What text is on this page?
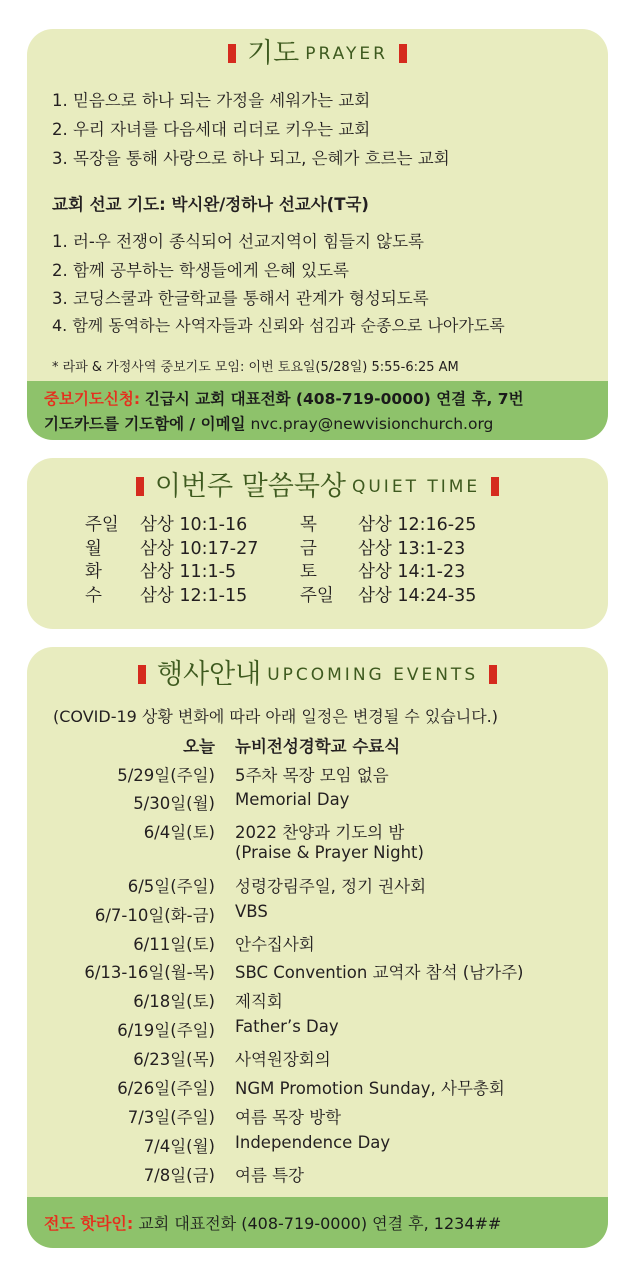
기도 PRAYER
1. 믿음으로 하나 되는 가정을 세워가는 교회
2. 우리 자녀를 다음세대 리더로 키우는 교회
3. 목장을 통해 사랑으로 하나 되고, 은혜가 흐르는 교회
교회 선교 기도: 박시완/정하나 선교사(T국)
1. 러-우 전쟁이 종식되어 선교지역이 힘들지 않도록
2. 함께 공부하는 학생들에게 은혜 있도록
3. 코딩스쿨과 한글학교를 통해서 관계가 형성되도록
4. 함께 동역하는 사역자들과 신뢰와 섬김과 순종으로 나아가도록
* 라파 & 가정사역 중보기도 모임: 이번 토요일(5/28일) 5:55-6:25 AM
중보기도신청: 긴급시 교회 대표전화 (408-719-0000) 연결 후, 7번
기도카드를 기도함에 / 이메일 nvc.pray@newvisionchurch.org
이번주 말씀묵상 QUIET TIME
주일
월
화
수
삼상 10:1-16
삼상 10:17-27
삼상 11:1-5
삼상 12:1-15
목
금
토
주일
삼상 12:16-25
삼상 13:1-23
삼상 14:1-23
삼상 14:24-35
행사안내 UPCOMING EVENTS
(COVID-19 상황 변화에 따라 아래 일정은 변경될 수 있습니다.)
오늘 뉴비전성경학교 수료식
5/29일(주일) 5주차 목장 모임 없음
5/30일(월) Memorial Day
6/4일(토) 2022 찬양과 기도의 밤
(Praise & Prayer Night)
6/5일(주일) 성령강림주일, 정기 권사회
6/7-10일(화-금) VBS
6/11일(토) 안수집사회
6/13-16일(월-목) SBC Convention 교역자 참석 (남가주)
6/18일(토) 제직회
6/19일(주일) Father’s Day
6/23일(목) 사역원장회의
6/26일(주일) NGM Promotion Sunday, 사무총회
7/3일(주일) 여름 목장 방학
7/4일(월) Independence Day
7/8일(금) 여름 특강
전도 핫라인: 교회 대표전화 (408-719-0000) 연결 후, 1234##
